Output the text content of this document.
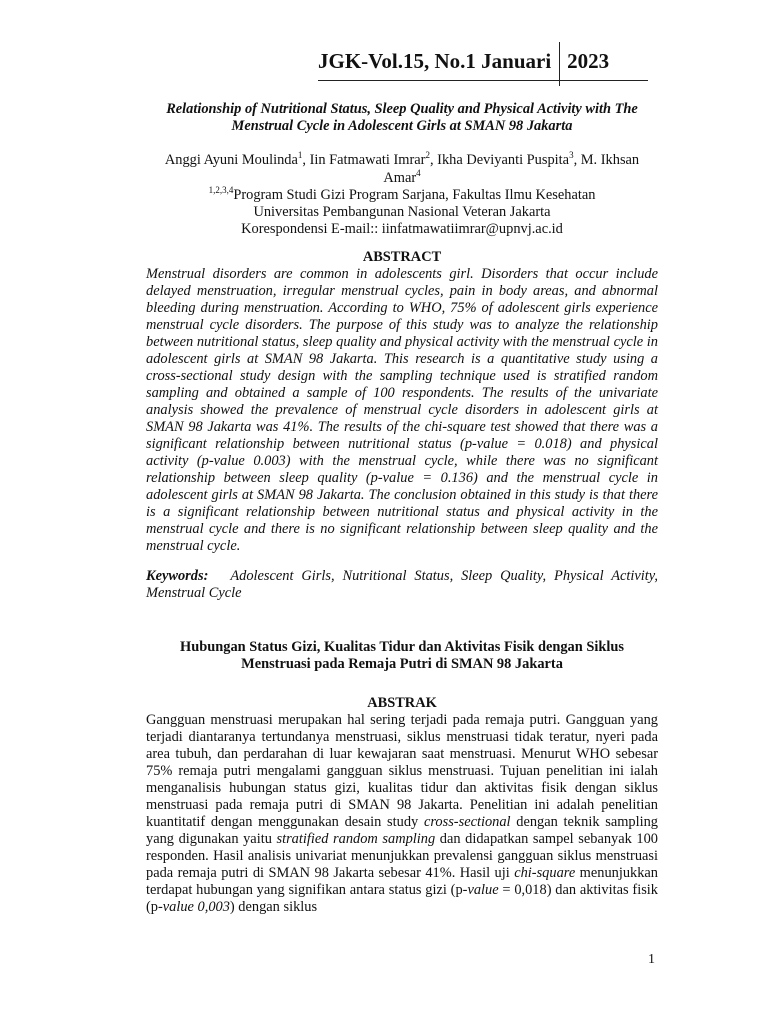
JGK-Vol.15, No.1 Januari 2023

Relationship of Nutritional Status, Sleep Quality and Physical Activity with The Menstrual Cycle in Adolescent Girls at SMAN 98 Jakarta

Anggi Ayuni Moulinda$^1$, Iin Fatmawati Imrar$^2$, Ikha Deviyanti Puspita$^3$, M. Ikhsan Amar$^4$

$^{1,2,3,4}$Program Studi Gizi Program Sarjana, Fakultas Ilmu Kesehatan

Universitas Pembangunan Nasional Veteran Jakarta

Korespondensi E-mail:: iinfatmawatiimrar@upnvj.ac.id

ABSTRACT

Menstrual disorders are common in adolescents girl. Disorders that occur include delayed menstruation, irregular menstrual cycles, pain in body areas, and abnormal bleeding during menstruation. According to WHO, 75% of adolescent girls experience menstrual cycle disorders. The purpose of this study was to analyze the relationship between nutritional status, sleep quality and physical activity with the menstrual cycle in adolescent girls at SMAN 98 Jakarta. This research is a quantitative study using a cross-sectional study design with the sampling technique used is stratified random sampling and obtained a sample of 100 respondents. The results of the univariate analysis showed the prevalence of menstrual cycle disorders in adolescent girls at SMAN 98 Jakarta was 41%. The results of the chi-square test showed that there was a significant relationship between nutritional status (p-value = 0.018) and physical activity (p-value 0.003) with the menstrual cycle, while there was no significant relationship between sleep quality (p-value = 0.136) and the menstrual cycle in adolescent girls at SMAN 98 Jakarta. The conclusion obtained in this study is that there is a significant relationship between nutritional status and physical activity in the menstrual cycle and there is no significant relationship between sleep quality and the menstrual cycle.

Keywords: Adolescent Girls, Nutritional Status, Sleep Quality, Physical Activity, Menstrual Cycle

Hubungan Status Gizi, Kualitas Tidur dan Aktivitas Fisik dengan Siklus Menstruasi pada Remaja Putri di SMAN 98 Jakarta

ABSTRAK

Gangguan menstruasi merupakan hal sering terjadi pada remaja putri. Gangguan yang terjadi diantaranya tertundanya menstruasi, siklus menstruasi tidak teratur, nyeri pada area tubuh, dan perdarahan di luar kewajaran saat menstruasi. Menurut WHO sebesar 75% remaja putri mengalami gangguan siklus menstruasi. Tujuan penelitian ini ialah menganalisis hubungan status gizi, kualitas tidur dan aktivitas fisik dengan siklus menstruasi pada remaja putri di SMAN 98 Jakarta. Penelitian ini adalah penelitian kuantitatif dengan menggunakan desain study cross-sectional dengan teknik sampling yang digunakan yaitu stratified random sampling dan didapatkan sampel sebanyak 100 responden. Hasil analisis univariat menunjukkan prevalensi gangguan siklus menstruasi pada remaja putri di SMAN 98 Jakarta sebesar 41%. Hasil uji chi-square menunjukkan terdapat hubungan yang signifikan antara status gizi (p-value = 0,018) dan aktivitas fisik (p-value 0,003) dengan siklus

1
